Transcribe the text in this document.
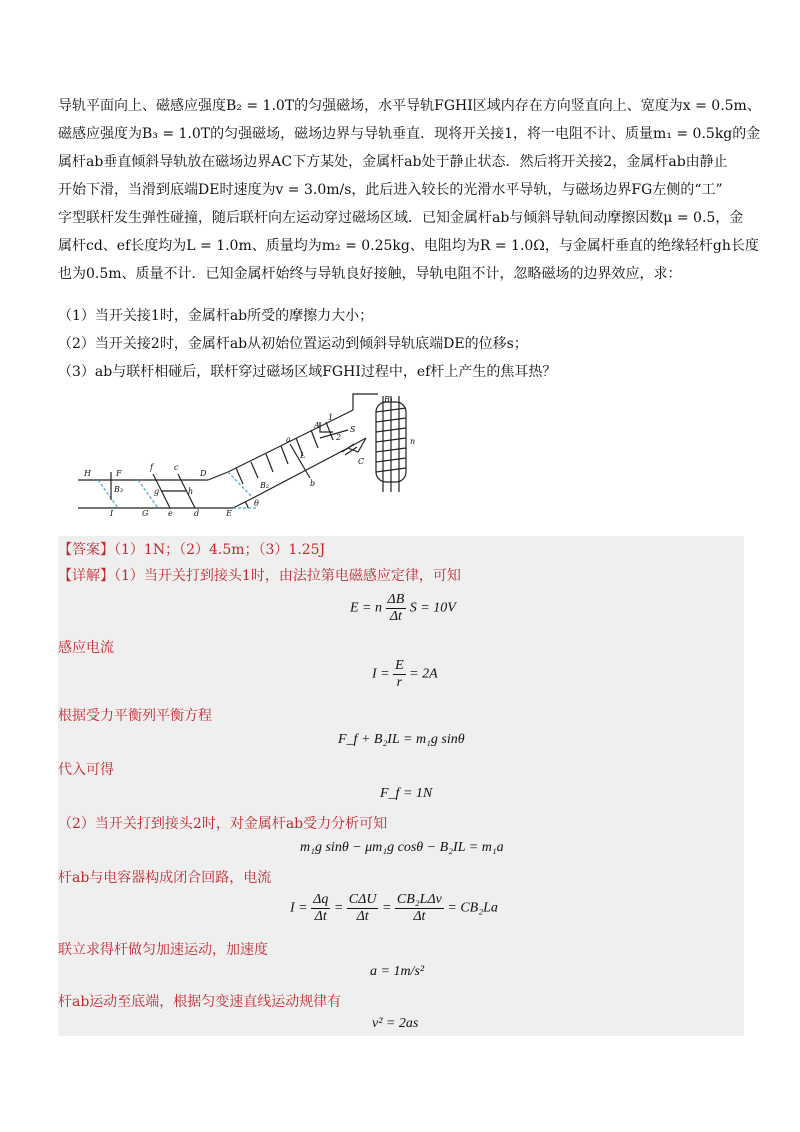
导轨平面向上、磁感应强度B₂ = 1.0T的匀强磁场，水平导轨FGHI区域内存在方向竖直向上、宽度为x = 0.5m、
磁感应强度为B₃ = 1.0T的匀强磁场，磁场边界与导轨垂直．现将开关接1，将一电阻不计、质量m₁ = 0.5kg的金
属杆ab垂直倾斜导轨放在磁场边界AC下方某处，金属杆ab处于静止状态．然后将开关接2，金属杆ab由静止
开始下滑，当滑到底端DE时速度为v = 3.0m/s，此后进入较长的光滑水平导轨，与磁场边界FG左侧的“工”
字型联杆发生弹性碰撞，随后联杆向左运动穿过磁场区域．已知金属杆ab与倾斜导轨间动摩擦因数μ = 0.5，金
属杆cd、ef长度均为L = 1.0m、质量均为m₂ = 0.25kg、电阻均为R = 1.0Ω，与金属杆垂直的绝缘轻杆gh长度
也为0.5m、质量不计．已知金属杆始终与导轨良好接触，导轨电阻不计，忽略磁场的边界效应，求：
（1）当开关接1时，金属杆ab所受的摩擦力大小；
（2）当开关接2时，金属杆ab从初始位置运动到倾斜导轨底端DE的位移s；
（3）ab与联杆相碰后，联杆穿过磁场区域FGHI过程中，ef杆上产生的焦耳热？
H
I
F
B₃
G
f
g
e
c
h
d
D
E
θ
B₂
A
a
L
b
C
1
2
S
B₁
n
【答案】（1）1N；（2）4.5m；（3）1.25J
【详解】（1）当开关打到接头1时，由法拉第电磁感应定律，可知
E = n $\frac{\Delta B}{\Delta t}$ S = 10V
感应电流
$I = \frac{E}{r} = 2A$
根据受力平衡列平衡方程
F_f + B₂IL = m₁g sinθ
代入可得
F_f = 1N
（2）当开关打到接头2时，对金属杆ab受力分析可知
m₁g sinθ − μm₁g cosθ − B₂IL = m₁a
杆ab与电容器构成闭合回路，电流
$I = \frac{\Delta q}{\Delta t} = \frac{\text{CΔU}}{\Delta t} = \frac{\text{CB₂LΔv}}{\Delta t} = CB_2La$
联立求得杆做匀加速运动，加速度
a = 1m/s²
杆ab运动至底端，根据匀变速直线运动规律有
v² = 2as
